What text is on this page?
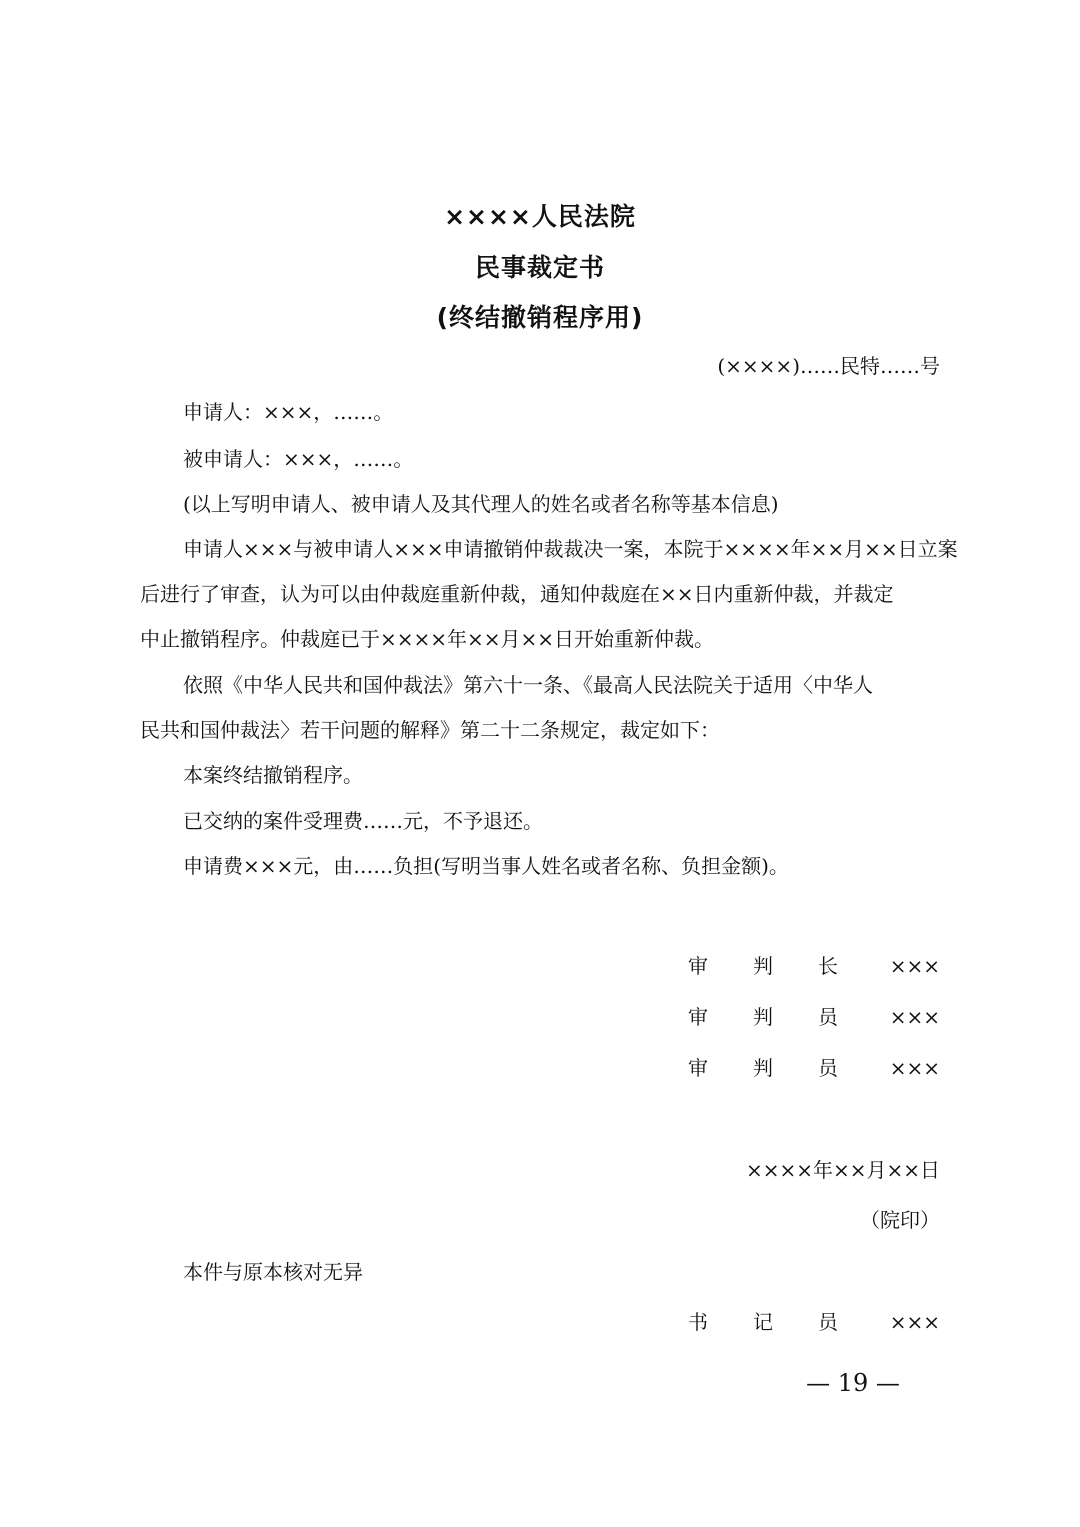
××××人民法院
民事裁定书
(终结撤销程序用)
(××××)……民特……号
申请人：×××，……。
被申请人：×××，……。
(以上写明申请人、被申请人及其代理人的姓名或者名称等基本信息)
申请人×××与被申请人×××申请撤销仲裁裁决一案，本院于××××年××月××日立案
后进行了审查，认为可以由仲裁庭重新仲裁，通知仲裁庭在××日内重新仲裁，并裁定
中止撤销程序。仲裁庭已于××××年××月××日开始重新仲裁。
依照《中华人民共和国仲裁法》第六十一条、《最高人民法院关于适用〈中华人
民共和国仲裁法〉若干问题的解释》第二十二条规定，裁定如下：
本案终结撤销程序。
已交纳的案件受理费……元，不予退还。
申请费×××元，由……负担(写明当事人姓名或者名称、负担金额)。
审 判 长	×××
审 判 员	×××
审 判 员	×××
××××年××月××日
（院印）
本件与原本核对无异
书 记 员	×××
— 19 —
